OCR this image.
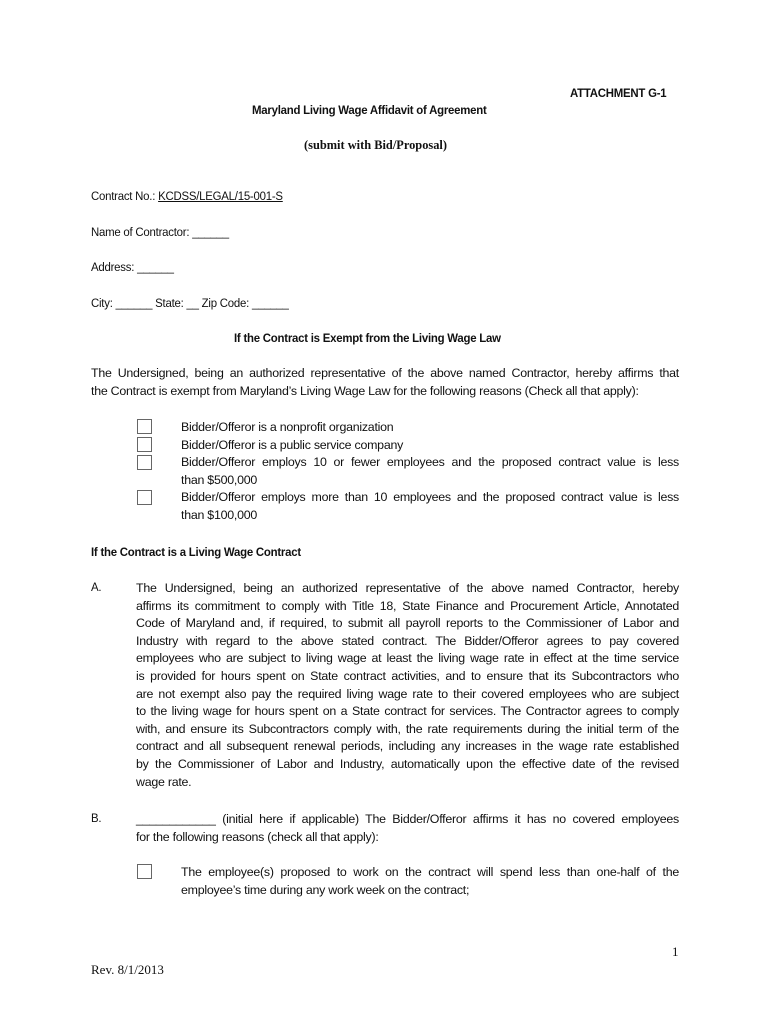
ATTACHMENT G-1
Maryland Living Wage Affidavit of Agreement
(submit with Bid/Proposal)
Contract No.: KCDSS/LEGAL/15-001-S
Name of Contractor: ______
Address: ______
City: ______ State: __ Zip Code: ______
If the Contract is Exempt from the Living Wage Law
The Undersigned, being an authorized representative of the above named Contractor, hereby affirms that
the Contract is exempt from Maryland’s Living Wage Law for the following reasons (Check all that apply):
Bidder/Offeror is a nonprofit organization
Bidder/Offeror is a public service company
Bidder/Offeror employs 10 or fewer employees and the proposed contract value is less
than $500,000
Bidder/Offeror employs more than 10 employees and the proposed contract value is less
than $100,000
If the Contract is a Living Wage Contract
A.	The Undersigned, being an authorized representative of the above named Contractor, hereby
affirms its commitment to comply with Title 18, State Finance and Procurement Article, Annotated
Code of Maryland and, if required, to submit all payroll reports to the Commissioner of Labor and
Industry with regard to the above stated contract. The Bidder/Offeror agrees to pay covered
employees who are subject to living wage at least the living wage rate in effect at the time service
is provided for hours spent on State contract activities, and to ensure that its Subcontractors who
are not exempt also pay the required living wage rate to their covered employees who are subject
to the living wage for hours spent on a State contract for services. The Contractor agrees to comply
with, and ensure its Subcontractors comply with, the rate requirements during the initial term of the
contract and all subsequent renewal periods, including any increases in the wage rate established
by the Commissioner of Labor and Industry, automatically upon the effective date of the revised
wage rate.
B.	____________ (initial here if applicable) The Bidder/Offeror affirms it has no covered employees
for the following reasons (check all that apply):
The employee(s) proposed to work on the contract will spend less than one-half of the
employee’s time during any work week on the contract;
1
Rev. 8/1/2013
